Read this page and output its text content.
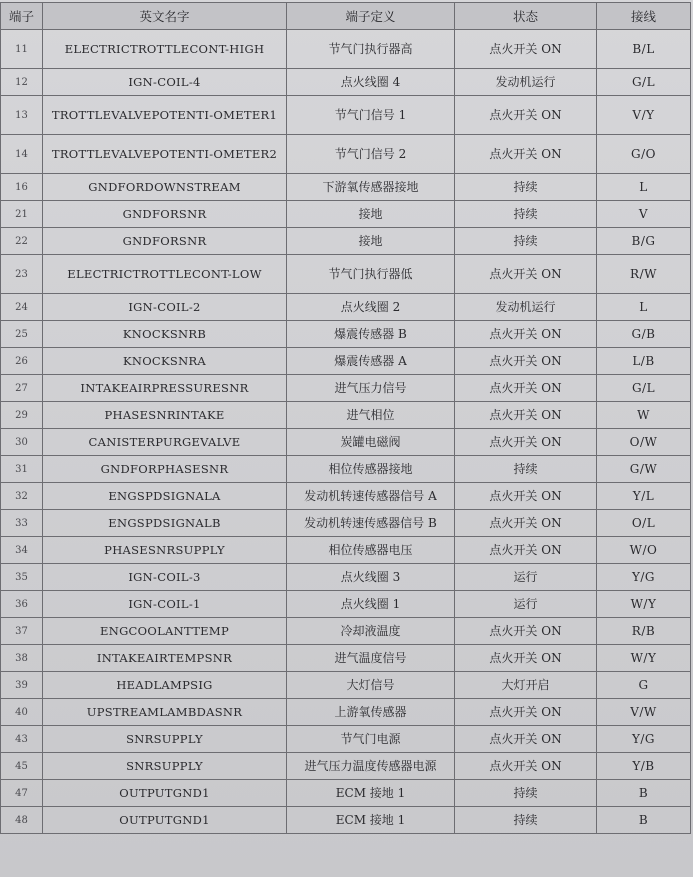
端子	英文名字	端子定义	状态	接线
11	ELECTRICTROTTLECONT-HIGH	节气门执行器高	点火开关 ON	B/L
12	IGN-COIL-4	点火线圈 4	发动机运行	G/L
13	TROTTLEVALVEPOTENTI-OMETER1	节气门信号 1	点火开关 ON	V/Y
14	TROTTLEVALVEPOTENTI-OMETER2	节气门信号 2	点火开关 ON	G/O
16	GNDFORDOWNSTREAM	下游氧传感器接地	持续	L
21	GNDFORSNR	接地	持续	V
22	GNDFORSNR	接地	持续	B/G
23	ELECTRICTROTTLECONT-LOW	节气门执行器低	点火开关 ON	R/W
24	IGN-COIL-2	点火线圈 2	发动机运行	L
25	KNOCKSNRB	爆震传感器 B	点火开关 ON	G/B
26	KNOCKSNRA	爆震传感器 A	点火开关 ON	L/B
27	INTAKEAIRPRESSURESNR	进气压力信号	点火开关 ON	G/L
29	PHASESNRINTAKE	进气相位	点火开关 ON	W
30	CANISTERPURGEVALVE	炭罐电磁阀	点火开关 ON	O/W
31	GNDFORPHASESNR	相位传感器接地	持续	G/W
32	ENGSPDSIGNALA	发动机转速传感器信号 A	点火开关 ON	Y/L
33	ENGSPDSIGNALB	发动机转速传感器信号 B	点火开关 ON	O/L
34	PHASESNRSUPPLY	相位传感器电压	点火开关 ON	W/O
35	IGN-COIL-3	点火线圈 3	运行	Y/G
36	IGN-COIL-1	点火线圈 1	运行	W/Y
37	ENGCOOLANTTEMP	冷却液温度	点火开关 ON	R/B
38	INTAKEAIRTEMPSNR	进气温度信号	点火开关 ON	W/Y
39	HEADLAMPSIG	大灯信号	大灯开启	G
40	UPSTREAMLAMBDASNR	上游氧传感器	点火开关 ON	V/W
43	SNRSUPPLY	节气门电源	点火开关 ON	Y/G
45	SNRSUPPLY	进气压力温度传感器电源	点火开关 ON	Y/B
47	OUTPUTGND1	ECM 接地 1	持续	B
48	OUTPUTGND1	ECM 接地 1	持续	B
